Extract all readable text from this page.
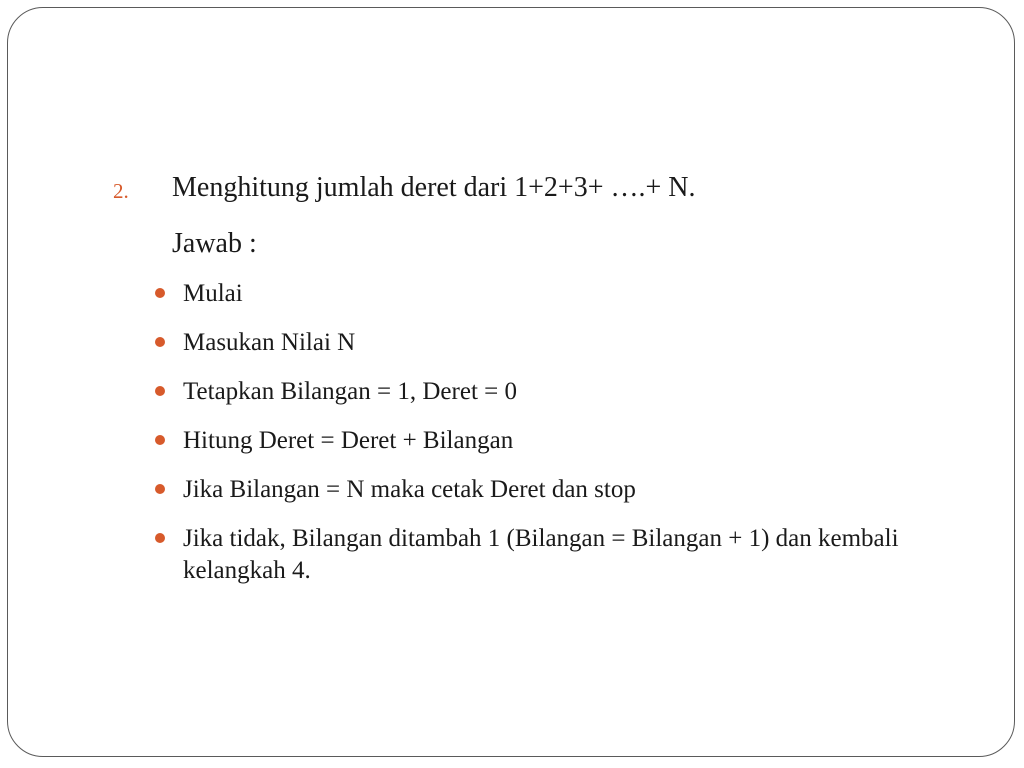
2. Menghitung jumlah deret dari 1+2+3+ ….+ N.
Jawab :
Mulai
Masukan Nilai N
Tetapkan Bilangan = 1, Deret = 0
Hitung Deret = Deret + Bilangan
Jika Bilangan = N maka cetak Deret dan stop
Jika tidak, Bilangan ditambah 1 (Bilangan = Bilangan + 1) dan kembali kelangkah 4.
